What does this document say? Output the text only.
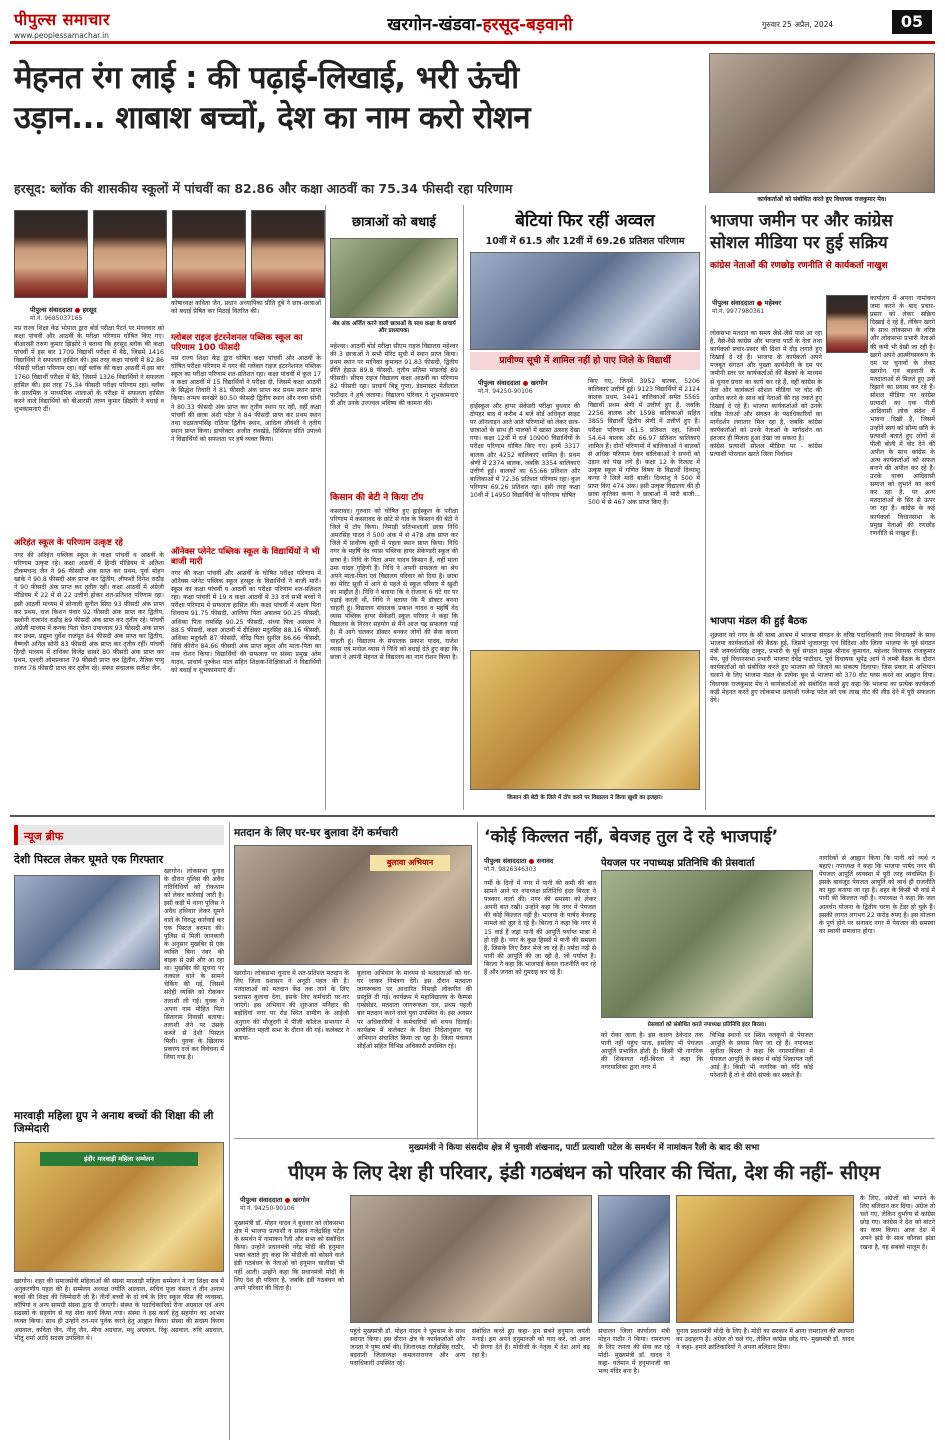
पीपुल्स समाचार
www.peoplessamachar.in
खरगोन-खंडवा-हरसूद-बड़वानी	गुरुवार 25 अप्रैल, 2024	05
मेहनत रंग लाई : की पढ़ाई-लिखाई, भरी ऊंची
उड़ान... शाबाश बच्चों, देश का नाम करो रोशन
हरसूद: ब्लॉक की शासकीय स्कूलों में पांचवीं का 82.86 और कक्षा आठवीं का 75.34 फीसदी रहा परिणाम
कार्यकर्ताओं को संबोधित करते हुए विधायक राजकुमार मेव।
पीपुल्स संवाददाता ● हरसूद
मो.नं. 9685037165
मप्र राज्य शिक्षा केंद्र भोपाल द्वारा बोर्ड परीक्षा पैटर्न पर मंगलवार को कक्षा पांचवीं और आठवीं के परीक्षा परिणाम घोषित किए गए। बीआरसी तरुण कुमार झिझोरे ने बताया कि हरसूद ब्लॉक की कक्षा पांचवीं में इस बार 1709 विद्यार्थी परीक्षा में बैठे, जिसमें 1416 विद्यार्थियों ने सफलता हासिल की। इस तरह कक्षा पांचवीं में 82.86 फीसदी परीक्षा परिणाम रहा। वहीं ब्लॉक की कक्षा आठवीं में इस बार 1760 विद्यार्थी परीक्षा में बैठे, जिसमें 1326 विद्यार्थियों ने सफलता हासिल की। इस तरह 75.34 फीसदी परीक्षा परिणाम रहा। ब्लॉक के प्राथमिक व माध्यमिक शालाओं के परीक्षा में सफलता हासिल करने वाले विद्यार्थियों को बीआरसी तरुण कुमार झिझोरे ने बधाई व शुभकामनाएं दीं।
अरिहंत स्कूल के परिणाम उत्कृष्ट रहे
नगर की अरिहंत पब्लिक स्कूल के कक्षा पांचवीं व आठवीं के परिणाम उत्कृष्ट रहे। कक्षा आठवीं में हिन्दी मीडियम में अतिशा टीकमचन्द जैन ने 96 फीसदी अंक प्राप्त कर प्रथम, पूर्वा मोहन खांके ने 90.8 फीसदी अंक प्राप्त कर द्वितीय, लीफशी दिनेश राठौड़ ने 90 फीसदी अंक प्राप्त कर तृतीय रहीं। कक्षा आठवीं में अंग्रेजी मीडियम में 22 में से 22 उत्तीर्ण होकर शत-प्रतिशत परिणाम रहा। इसी आठवीं माध्यम में सोनाली सुनील सिंघा 93 फीसदी अंक प्राप्त कर प्रथम, राज किशन पंवार 92 फीसदी अंक प्राप्त कर द्वितीय, सलोनी गजानंद राठौड़ 89 फीसदी अंक प्राप्त कर तृतीय रहे। पांचवीं अंग्रेजी माध्यम में कनक पिता चेतन उपाध्याय 93 फीसदी अंक प्राप्त कर प्रथम, प्रद्युम्न धुर्वेश राजपूत 84 फीसदी अंक प्राप्त कर द्वितीय, वैष्णवी अनिल सोनी 83 फीसदी अंक प्राप्त कर तृतीय रहीं। पांचवीं हिन्दी माध्यम में राधिका विजेंद्र छाबरे 80 फीसदी अंक प्राप्त कर प्रथम, एश्वरी ओमप्रकाश 79 फीसदी प्राप्त कर द्वितीय, नैतिक पप्पु राजत 78 फीसदी प्राप्त कर तृतीय रहे। संस्था संचालक सतीश जैन,
कोषाध्यक्ष कविता जैन, प्रधान अध्यापिका प्रीति दुबे ने छात्र-छात्राओं को बधाई प्रेषित कर मिठाई वितरित की।
ग्लोबल राइज इंटरनेशनल पब्लिक स्कूल का परिणाम 100 फीसदी
मप्र राज्य शिक्षा केंद्र द्वारा घोषित कक्षा पांचवीं और आठवीं के घोषित परीक्षा परिणाम में नगर की ग्लोबल राइज इंटरनेशनल पब्लिक स्कूल का परीक्षा परिणाम शत-प्रतिशत रहा। कक्षा पांचवीं में कुल 17 व कक्षा आठवीं में 15 विद्यार्थियों ने परीक्षा दी, जिसमें कक्षा आठवीं के सिद्धेश तिवारी ने 81 फीसदी अंक प्राप्त कर प्रथम स्थान प्राप्त किया। तन्मय सनखेरे 80.50 फीसदी द्वितीय स्थान और नव्या सोनी ने 80.33 फीसदी अंक प्राप्त कर तृतीय स्थान पर रही, वहीं कक्षा पांचवीं की छात्रा अंशी पटेल ने 84 फीसदी प्राप्त कर प्रथम स्थान तथा रुद्रप्रतापसिंह राठिया द्वितीय स्थान, आदित्य लौवंशी ने तृतीय स्थान प्राप्त किया। डायरेक्टर अजीत रावखेड़े, प्रिंसिपल प्रीति उपाध्ये ने विद्यार्थियों को सफलता पर हर्ष व्यक्त किया।
ऑनेक्स प्लेनेट पब्लिक स्कूल के विद्यार्थियों ने भी बाजी मारी
नगर की कक्षा पांचवीं और आठवीं के घोषित परीक्षा परिणाम में ऑनेक्स प्लेनेट पब्लिक स्कूल हरसूद के विद्यार्थियों ने बाजी मारी। स्कूल का कक्षा पांचवीं व आठवीं का परीक्षा परिणाम शत-प्रतिशत रहा। कक्षा पांचवीं में 19 व कक्षा आठवीं में 33 दर्ज सभी बच्चों ने परीक्षा परिणाम में सफलता हासिल की। कक्षा पांचवीं में अक्षय पिता शिवराम 91.75 फीसदी, आलिया पिता असलम 90.25 फीसदी, अंशिका पिता रामसिंह 90.25 फीसदी, संध्या पिता असलम ने 88.5 फीसदी, कक्षा आठवीं में दीक्षिका मदुरसिंह 88.16 फीसदी, अंशिका मदुवंशी 87 फीसदी, वीरेंद्र पिता सुनील 86.66 फीसदी, विधि कीरोन 84.66 फीसदी अंक प्राप्त स्कूल और माता-पिता का नाम रोशन किया। विद्यार्थियों की सफलता पर संस्था प्रमुख ओम यादव, प्राचार्य पुरुकेश पाल सहित शिक्षक-शिक्षिकाओं ने विद्यार्थियों को बधाई व शुभकामनाएं दीं।
छात्राओं को बधाई
श्रेष्ठ अंक अर्जित करने वाली छात्राओं के साथ कक्षा के प्राचार्य और प्राध्यापक।
महेश्वर। आठवीं बोर्ड परीक्षा सीएम राइज विद्यालय महेश्वर की 3 छात्राओं ने सभी मेरिट सूची में स्थान प्राप्त किया। प्रथम स्थान पर मानिका कुमावत 91.83 फीसदी, द्वितीय प्रीति हेड़ाऊ 89.8 फीसदी, तृतीय प्रतिमा मांडलोई 89 फीसदी। सीएम राइज विद्यालय कक्षा आठवीं का परिणाम 82 फीसदी रहा। प्राचार्य बिन्नू गुप्ता, डेडमास्टर मेतीलाल पाटीदार ने हर्ष जताया। विद्यालय परिवार ने शुभकामनाएं दीं और उनके उज्ज्वल भविष्य की कामना की।
किसान की बेटी ने किया टॉप
कसरावद। गुरुवार को घोषित हुए हाईस्कूल के परीक्षा परिणाम में कसरावद के छोटे से गांव के किसान की बेटी ने जिले में टॉप किया। निमाड़ी प्रतिभाशाली छात्रा निधि अमरसिंह यादव ने 500 अंक में से 478 अंक प्राप्त कर जिले में प्रावीण्य सूची में पहला स्थान प्राप्त किया। निधि नगर के महर्षि वेद व्यास पब्लिक हायर सेकेण्डरी स्कूल की छात्रा है। निधि के पिता अमर यादव किसान हैं, वहीं माता उमा यादव गृहिणी हैं। निधि ने अपनी सफलता का श्रेय अपने माता-पिता एवं विद्यालय परिवार को दिया है। छात्रा का मेरिट सूची में आने से पहले से स्कूल परिवार में खुशी का माहौल है। निधि ने बताया कि वे रोजाना 6 घंटे घर पर पढ़ाई करती थीं, निधि ने बताया कि मैं डॉक्टर बनना चाहती हूं। विद्यालय संचालक प्रकाश यादव व महर्षि वेद व्यास पब्लिक हायर सेकेंडरी स्कूल परिवार ने कहा कि विद्यालय के निरंतर सहयोग से मैंने आज यह सफलता पाई है। मैं आगे चलकर डॉक्टर बनकर लोगों की सेवा करना चाहती हूं। विद्यालय के संचालक प्रकाश यादव, राजेश व्यास एवं मनोज व्यास ने निधि को बधाई देते हुए कहा कि छात्रा ने अपनी मेहनत से विद्यालय का नाम रोशन किया है।
बेटियां फिर रहीं अव्वल
10वीं में 61.5 और 12वीं में 69.26 प्रतिशत परिणाम
प्रावीण्य सूची में शामिल नहीं हो पाए जिले के विद्यार्थी
पीपुल्स संवाददाता ● खरगोन
मो.नं. 94250-90106
हाईस्कूल और हायर सेकेंडरी परीक्षा बुधवार की दोपहर बाद में करीब 4 बजे बोर्ड अधिकृत साइट पर ऑनलाइन आते आते परिणामों को लेकर छात्र-छात्राओं के साथ ही पालकों में खासा उत्साह देखा गया। कक्षा 12वीं में दर्ज 10900 विद्यार्थियों के परीक्षा परिणाम घोषित किए गए। इनमें 3317 बालक और 4252 बालिकाएं शामिल हैं। प्रथम श्रेणी में 2374 बालक, जबकि 3354 बालिकाएं उत्तीर्ण हुईं। बालकों का 65.66 प्रतिशत और बालिकाओं में 72.36 प्रतिशत परिणाम रहा। कुल परिणाम 69.26 प्रतिशत रहा। इसी तरह कक्षा 10वीं में 14950 विद्यार्थियों के परिणाम घोषित
किए गए, जिनमें 3952 बालक, 5206 बालिकाएं उत्तीर्ण हुई। 9123 विद्यार्थियों में 2124 बालक प्रथम, 3441 बालिकाओं समेत 5565 विद्यार्थी प्रथम श्रेणी में उत्तीर्ण हुए हैं, जबकि 2256 बालक और 1598 बालिकाओं सहित 3855 विद्यार्थी द्वितीय श्रेणी में उत्तीर्ण हुए हैं। परीक्षा परिणाम 61.5 प्रतिशत रहा, जिनमें 54.64 बालक और 66.97 प्रतिशत बालिकाएं शामिल हैं। दोनों परिणामों में बालिकाओं ने बालकों से अधिक परिणाम देकर बालिकाओं ने सपनों को उड़ान को पंख लगे हैं। कक्षा 12 के रिजल्ट में उत्कृष्ट स्कूल में गणित विषय के विद्यार्थी दिव्यांशु कन्या ने जिले मारी बाजी। दिव्यांशु ने 500 में प्राप्त किए 474 अंक। इसी उत्कृष्ट विद्यालय की ही छात्रा कृतिका कन्या ने छात्राओं में मारी बाजी... 500 में से 467 अंक प्राप्त किए हैं।
किसान की बेटी के जिले में टॉप करने पर विद्यालय ने किया खुशी का इजहार।
भाजपा जमीन पर और कांग्रेस
सोशल मीडिया पर हुई सक्रिय
कांग्रेस नेताओं की रणछोड़ रणनीति से कार्यकर्ता नाखुश
पीपुल्स संवाददाता ● महेश्वर
मो.नं. 9977980361
लोकसभा मतदान का समय जैसे-जैसे पास आ रहा है, वैसे-वैसे कांग्रेस और भाजपा पार्टी के नेता तथा कार्यकर्ता प्रचार-प्रसार की दिशा में दौड़ लगाते हुए दिखाई दे रहे हैं। भाजपा के कार्यकर्ता अपने मजबूत संगठन और पुख्ता कार्यशैली के दम पर जमीनी स्तर पर कार्यकर्ताओं की बैठकों के माध्यम से चुनाव प्रचार का कार्य कर रहे हैं, वहीं कांग्रेस के नेता और कार्यकर्ता सोशल मीडिया पर वोट की अपील करने के साथ बड़े नेताओं की राह तकते हुए दिखाई दे रहे हैं। भाजपा कार्यकर्ताओं को उनके वरिष्ठ नेताओं और संगठन के पदाधिकारियों का मार्गदर्शन लगातार मिल रहा है, जबकि कांग्रेस कार्यकर्ताओं को उनके नेताओं के मार्गदर्शन का इंतजार ही मिलता हुआ देखा जा सकता है।
कांग्रेस प्रत्याशी सोशल मीडिया पर - कांग्रेस प्रत्याशी पोरलाल खरते जिला निर्वाचन
कार्यालय में अपना नामांकन जमा करने के बाद प्रचार-प्रसार को लेकर सक्रिय दिखाई दे रहे हैं, लेकिन खरगे के साथ लोकसभा के वरिष्ठ और लोकसभा प्रभारी नेताओं की कमी भी देखी जा रही है। खरगे अपने आत्मीयस्वरूप के दम पर चुनावों के लेकर खरगोन एवं बड़वानी के मतदाताओं से मिलते हुए उन्हें रिझाने का प्रयास कर रहे हैं। सोशल मीडिया पर कांग्रेस प्रत्याशी का एक पीली आदिवासी लोक संदेश में भावना दिखी है, जिसमें उन्होंने स्वयं को सौम्य छवि के प्रत्याशी बताते हुए लोगों से पीली बोली में वोट देने की अपील के साथ कांग्रेस के अन्य कार्यकर्ताओं को सफल बनाने की अपील कर रहे हैं। उनके वाक्य आदिवासी समाज को लुभाने का कार्य कर रहा है, पर अन्य मतदाताओं के सिर से ऊपर जा रहा है। कांग्रेस के कई कार्यकर्ता विधानसभा के प्रमुख नेताओं की रणछोड़ रणनीति से नाखुश हैं।
भाजपा मंडल की हुई बैठक
शुक्रवार को नगर के श्री बाबा आश्रम में भाजपा संगठन के वरिष्ठ पदाधिकारी तथा विधायकों के साथ भाजपा कार्यकर्ताओं की बैठक हुई, जिसमें शुजालपुर एवं विदिशा और जिला भाजपा के पूर्व संगठन मंत्री जयवर्धनसिंह ठाकुर, प्रभारी के पूर्व संगठन प्रमुख श्रीनाथ कुमावत, महेश्वर विधायक राजकुमार मेव, पूर्व विधानसभा प्रभारी भाजपा देवेंद्र पाटीदार, पूर्व विधायक भूपेंद्र आर्य ने लम्बी बैठक के दौरान कार्यकर्ताओं को संबोधित करते हुए भाजपा को जिताने का संकल्प दिलाया। जिस प्रकार से अभियान चलाने के लिए भाजपा मंडल के प्रत्येक बूथ से भाजपा को 370 वोट प्लस करने का आह्वान दिया। विधायक राजकुमार मेव ने कार्यकर्ताओं को संबोधित करते हुए कहा कि भाजपा का प्रत्येक कार्यकर्ता कड़ी मेहनत करते हुए लोकसभा प्रत्याशी गजेन्द्र पटेल को एक लाख वोट की लीड देने में पूरी सफलता देंगे।
न्यूज ब्रीफ
देशी पिस्टल लेकर घूमते एक गिरफ्तार
खरगोन। लोकसभा चुनाव के दौरान पुलिस की अवैध गतिविधियों को रोकथाम को लेकर कार्रवाई जारी है। इसी कड़ी में थाना पुलिस ने अवैध हथियार लेकर घूमने वाले के विरुद्ध कार्रवाई कर एक पिस्टल बरामद की। पुलिस से मिली जानकारी के अनुसार मुखबिर से एक व्यक्ति बिना नंबर की बाइक से उन्नी और आ रहा था। मुखबिर की सूचना पर तत्काल थाने के सामने चेकिंग की गई, जिसमें संदेही व्यक्ति को रोककर तलाशी ली गई। युवक ने अपना नाम मोहित पिता सिताराम निवासी बताया। तलाशी लेने पर उसके कब्जे से देशी पिस्टल मिली। युवक के खिलाफ प्रकरण दर्ज कर विवेचना में लिया गया है।
मारवाड़ी महिला ग्रुप ने अनाथ बच्चों की शिक्षा की ली जिम्मेदारी
इंदौर मारवाड़ी महिला सम्मेलन
खरगोन। शहर की समाजसेवी महिलाओं की संस्था मारवाड़ी महिला सम्मेलन ने नए शिक्षा सत्र में अनुकरणीय पहल की है। सम्मेलन अध्यक्ष ज्योति अग्रवाल, सचिव पूजा बंसल ने तीन अनाथ बच्चों की शिक्षा की जिम्मेदारी ली है। तीनों बच्चों के दो वर्ष के लिए स्कूल फीस की व्यवस्था, कॉपियां व अन्य सामग्री संस्था द्वारा दी जाएगी। संस्था के पदाधिकारियों रीना अग्रवाल एवं अन्य सदस्यों के सहयोग से यह सेवा कार्य किया गया। संस्था ने इस कार्य हेतु सहयोग का आभार व्यक्त किया। साथ ही उन्होंने तन-मन पूर्वक करने हेतु आह्वान किया। संस्था की सदस्य किरण अग्रवाल, कविता जैन, नीलू जैन, मीना अग्रवाल, मधु अग्रवाल, रिंकू अग्रवाल, रुचि अग्रवाल, भीतू शर्मा आदि सदस्य उपस्थित थे।
मतदान के लिए घर-घर बुलावा देंगे कर्मचारी
बुलावा अभियान
खरगोन। लोकसभा चुनाव में शत-प्रतिशत मतदान के लिए जिला प्रशासन ने अनूठी पहल की है। मतदाताओं को मतदान केंद्र तक लाने के लिए प्रशासन बुलावा देगा, इसके लिए कर्मचारी घर-घर जाएंगे। इस अभियान की शुरुआत मनिहार की बड़ोदियां नगर पर रोड स्थित ग्रामीण के आईजी अनुराग की मौजूदगी में पीजी कॉलेज सभागार में आयोजित महती सभा के दौरान की गई। कलेक्टर ने बताया-
बुलावा अभियान के माध्यम से मतदाताओं को घर-घर जाकर निमंत्रण देंगे। इस दौरान मतदाता जागरूकता पर आधारित निमाड़ी लोकगीत की प्रस्तुति दी गई। कार्यक्रम में महाविद्यालय के कैम्पस एम्बेसेडर, मतदाता जागरूकता दल, प्रथम पहली बार मतदान करने वाले युवा उपस्थित थे। इस अवसर पर अधिकारियों ने कर्मचारियों को शपथ दिलाई। कार्यक्रम में कलेक्टर के दिशा निर्देशानुसार यह अभियान संचालित किया जा रहा है। जिला पंचायत सीईओ सहित विभिन्न अधिकारी उपस्थित रहे।
‘कोई किल्लत नहीं, बेवजह तुल दे रहे भाजपाई’
पीपुल्स संवाददाता ● सनावद
मो.नं. 9826346303
गर्मी के दिनों में नगर में पानी की कमी की बात सामने आने पर नपाध्यक्ष प्रतिनिधि इंदर बिरला ने पत्रकार वार्ता की। नगर की समस्या को लेकर अपनी बात रखी। उन्होंने कहा कि नगर में पेयजल की कोई किल्लत नहीं है। भाजपा के पार्षद बेवजह मामले को तूल दे रहे हैं। बिरला ने कहा कि नगर में 15 वार्ड हैं जहां पानी की आपूर्ति पर्याप्त मात्रा में हो रही है। नगर के कुछ हिस्सों में पानी की समस्या है, जिसके लिए टैंकर भेजे जा रहे हैं। नर्मदा नदी से पानी की आपूर्ति की जा रही है, जो पर्याप्त है। बिरला ने कहा कि भाजपाई केवल राजनीति कर रहे हैं और जनता को गुमराह कर रहे हैं।
पेयजल पर नपाध्यक्ष प्रतिनिधि की प्रेसवार्ता
प्रेसवार्ता को संबोधित करते नपाध्यक्ष प्रतिनिधि इंदर बिरला।
को रोका जाता है। इस कारण ठेकेदार तक पानी नहीं पहुंच पाता, इसलिए भी पेयजल आपूर्ति प्रभावित होती है। किसी भी नागरिक की शिकायत नहीं-बिरला ने कहा कि नगरपालिका द्वारा नगर में
विभिन्न स्थानों पर स्थित नलकूपों से पेयजल आपूर्ति के प्रयास किए जा रहे हैं। नपाध्यक्ष सुनीता बिरला ने कहा कि नगरपालिका में पेयजल आपूर्ति के संबंध में कोई शिकायत नहीं आई है। किसी भी नागरिक को यदि कोई परेशानी है तो वे सीधे संपर्क कर सकते हैं।
नागरिकों से आह्वान किया कि पानी को व्यर्थ न बहाएं। नपाध्यक्ष ने कहा कि भाजपा पार्षद नगर की पेयजल आपूर्ति व्यवस्था में पूरी तरह व्यवस्थित हैं। इसके बावजूद पेयजल आपूर्ति को व्यर्थ ही राजनीति का मुद्दा बनाया जा रहा है। शहर के किसी भी वार्ड में पानी की किल्लत नहीं है। नपाध्यक्ष ने कहा कि जल आवर्धन योजना के द्वितीय चरण के टेंडर हो चुके हैं। इसकी लागत लगभग 22 करोड़ रुपए है। इस योजना के पूर्ण होने पर सनावद नगर में पेयजल की समस्या का स्थायी समाधान होगा।
मुख्यमंत्री ने किया संसदीय क्षेत्र में चुनावी शंखनाद, पार्टी प्रत्याशी पटेल के समर्थन में नामांकन रैली के बाद की सभा
पीएम के लिए देश ही परिवार, इंडी गठबंधन को परिवार की चिंता, देश की नहीं- सीएम
पीपुल्स संवाददाता ● खरगोन
मो.नं. 94250-90106
मुख्यमंत्री डॉ. मोहन यादव ने बुधवार को लोकसभा क्षेत्र में भाजपा प्रत्याशी व सांसद गजेंद्रसिंह पटेल के समर्थन में नामांकन रैली और सभा को संबोधित किया। उन्होंने प्रधानमंत्री नरेंद्र मोदी की हनुमान भक्त बताते हुए कहा कि मोदीजी को कोसने वाले इंडी गठबंधन के नेताओं को हनुमान चालीसा भी नहीं आती। उन्होंने कहा कि प्रधानमंत्री मोदी के लिए देश ही परिवार है, जबकि इंडी गठबंधन को अपने परिवार की चिंता है।
पहुंचे मुख्यमंत्री डॉ. मोहन यादव ने धूमधाम के साथ स्वागत किया। इस दौरान क्षेत्र के कार्यकर्ताओं और जनता ने पुष्प वर्षा की। जिलाध्यक्ष राजेंद्रसिंह राठौर, बड़वानी जिलाध्यक्ष कमलनारायण और अन्य पदाधिकारी उपस्थित रहे।
संबोधित करते हुए कहा- हम सबने हनुमान जयंती मनाई। हम अपने हनुमानजी को याद करें, जो आज भी प्रेरणा देते हैं। मोदीजी के नेतृत्व में देश आगे बढ़ रहा है।
संचालन जिला कार्यालय मंत्री मोहन राठौर ने किया। रामराज्य के लिए जनता की सेवा कर रहे मोदी- मुख्यमंत्री डॉ. यादव ने कहा- वर्तमान में हनुमानजी का भव्य मंदिर बना है।
चुनाव प्रधानमंत्री मोदी के लिए है। मोदी का सरकार में आना रामराज्य की स्थापना का उदाहरण है। अंग्रेज तो चले गए, लेकिन कांग्रेस छोड़ गए- मुख्यमंत्री डॉ. यादव ने कहा- हमारे क्रांतिकारियों ने अपना बलिदान दिया।
के लिए, अंग्रेजों को भगाने के लिए बलिदान कर दिया। अंग्रेज तो चले गए, लेकिन दुर्भाग्य से कांग्रेस छोड़ गए। कांग्रेस ने देश को बांटने का काम किया। आज देश में अपने झंडे के साथ कौनसा झंडा रखना है, यह सबको मालूम है।
